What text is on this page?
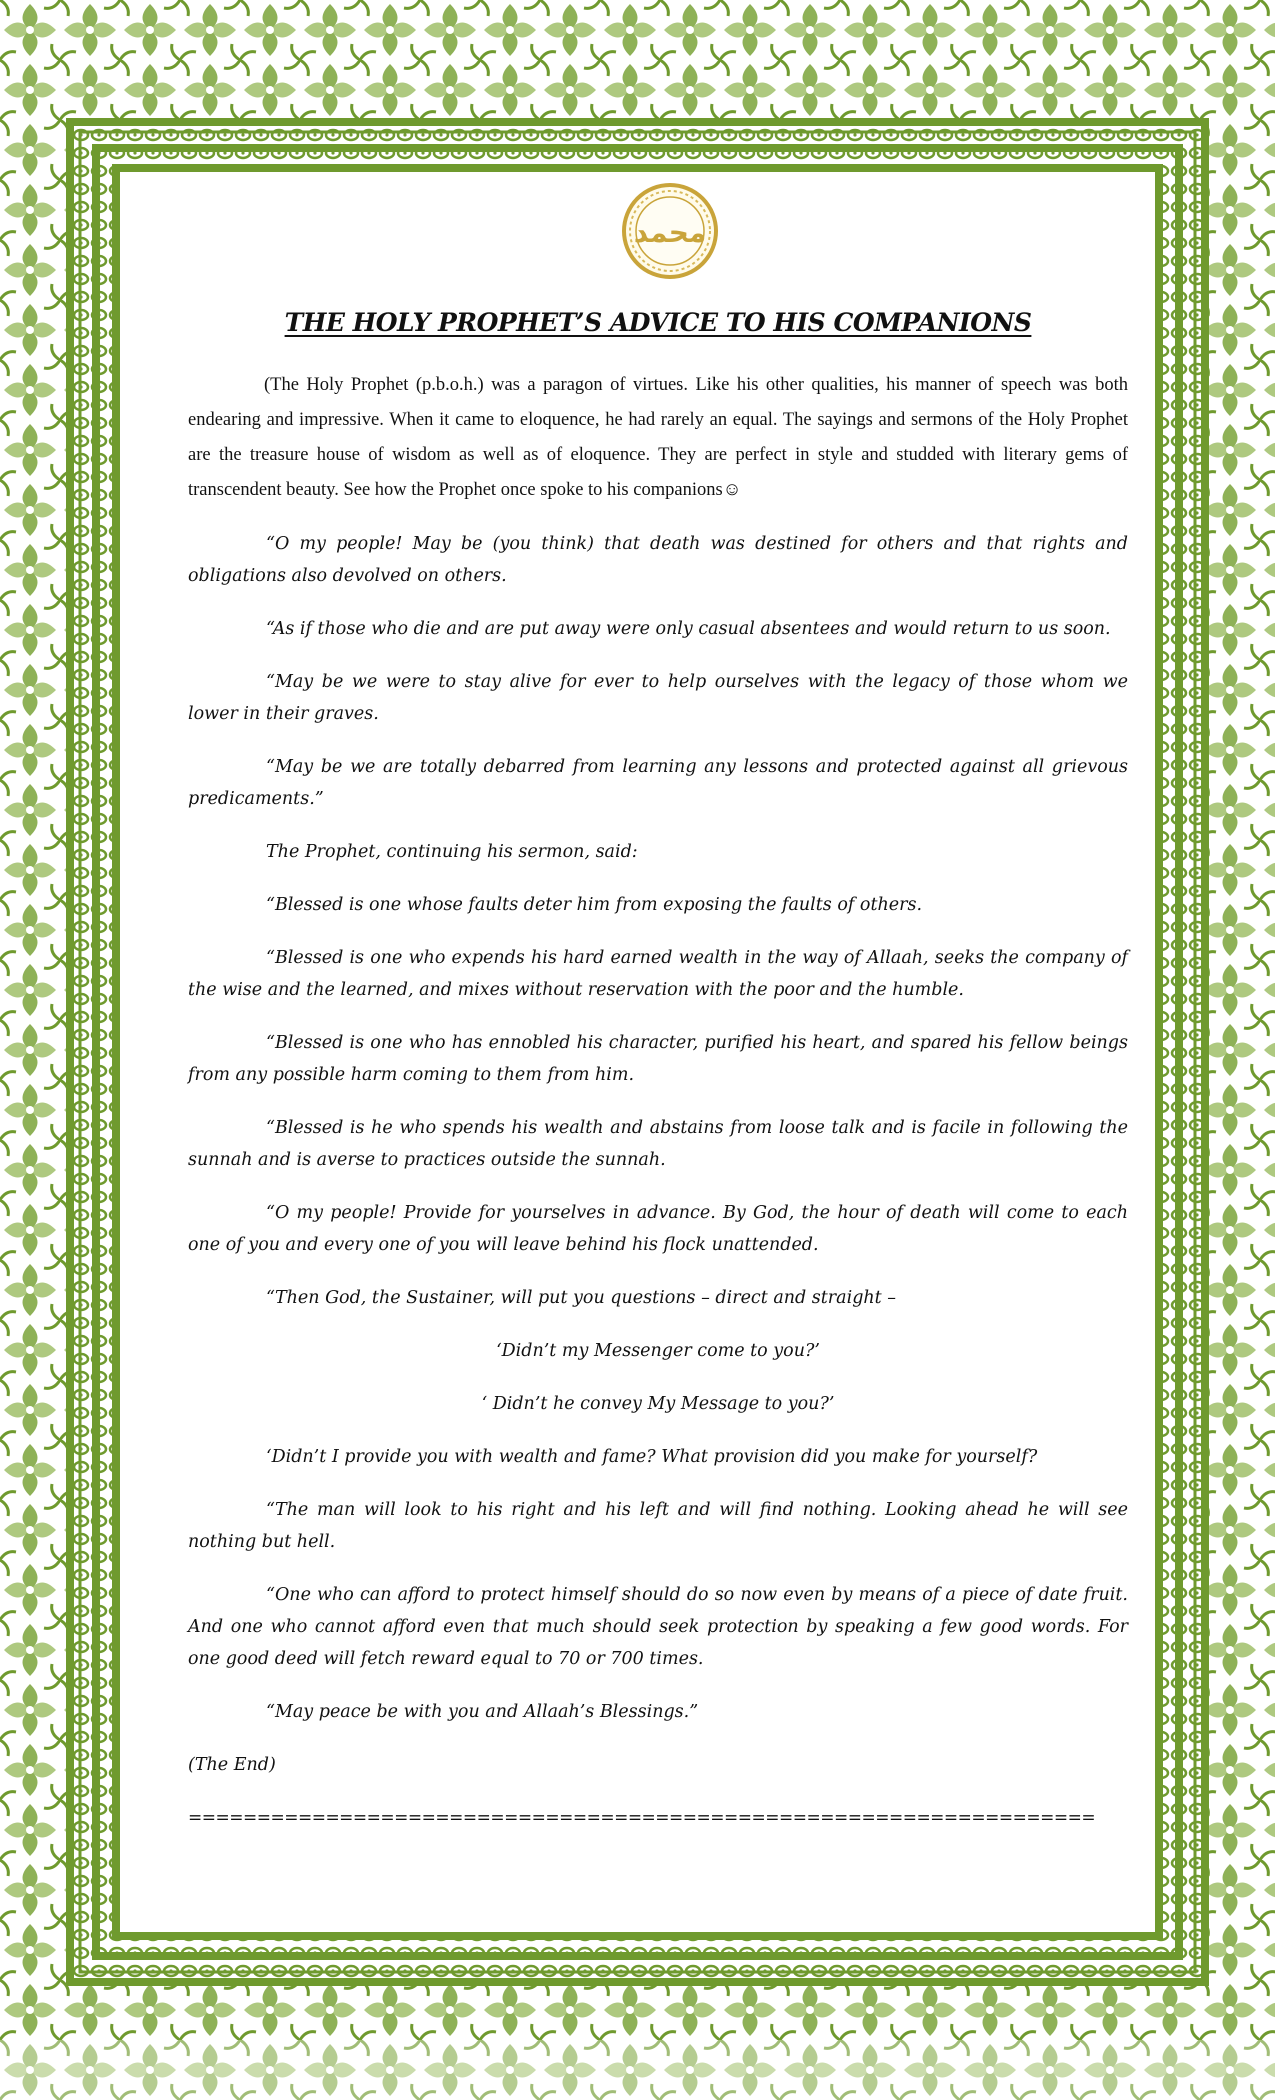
محمد
THE HOLY PROPHET’S ADVICE TO HIS COMPANIONS

(The Holy Prophet (p.b.o.h.) was a paragon of virtues. Like his other qualities, his manner of speech was both endearing and impressive. When it came to eloquence, he had rarely an equal. The sayings and sermons of the Holy Prophet are the treasure house of wisdom as well as of eloquence. They are perfect in style and studded with literary gems of transcendent beauty. See how the Prophet once spoke to his companions☺

“O my people! May be (you think) that death was destined for others and that rights and obligations also devolved on others.

“As if those who die and are put away were only casual absentees and would return to us soon.

“May be we were to stay alive for ever to help ourselves with the legacy of those whom we lower in their graves.

“May be we are totally debarred from learning any lessons and protected against all grievous predicaments.”

The Prophet, continuing his sermon, said:

“Blessed is one whose faults deter him from exposing the faults of others.

“Blessed is one who expends his hard earned wealth in the way of Allaah, seeks the company of the wise and the learned, and mixes without reservation with the poor and the humble.

“Blessed is one who has ennobled his character, purified his heart, and spared his fellow beings from any possible harm coming to them from him.

“Blessed is he who spends his wealth and abstains from loose talk and is facile in following the sunnah and is averse to practices outside the sunnah.

“O my people! Provide for yourselves in advance. By God, the hour of death will come to each one of you and every one of you will leave behind his flock unattended.

“Then God, the Sustainer, will put you questions – direct and straight –

‘Didn’t my Messenger come to you?’

‘ Didn’t he convey My Message to you?’

‘Didn’t I provide you with wealth and fame? What provision did you make for yourself?

“The man will look to his right and his left and will find nothing. Looking ahead he will see nothing but hell.

“One who can afford to protect himself should do so now even by means of a piece of date fruit. And one who cannot afford even that much should seek protection by speaking a few good words. For one good deed will fetch reward equal to 70 or 700 times.

“May peace be with you and Allaah’s Blessings.”

(The End)

==================================================================
